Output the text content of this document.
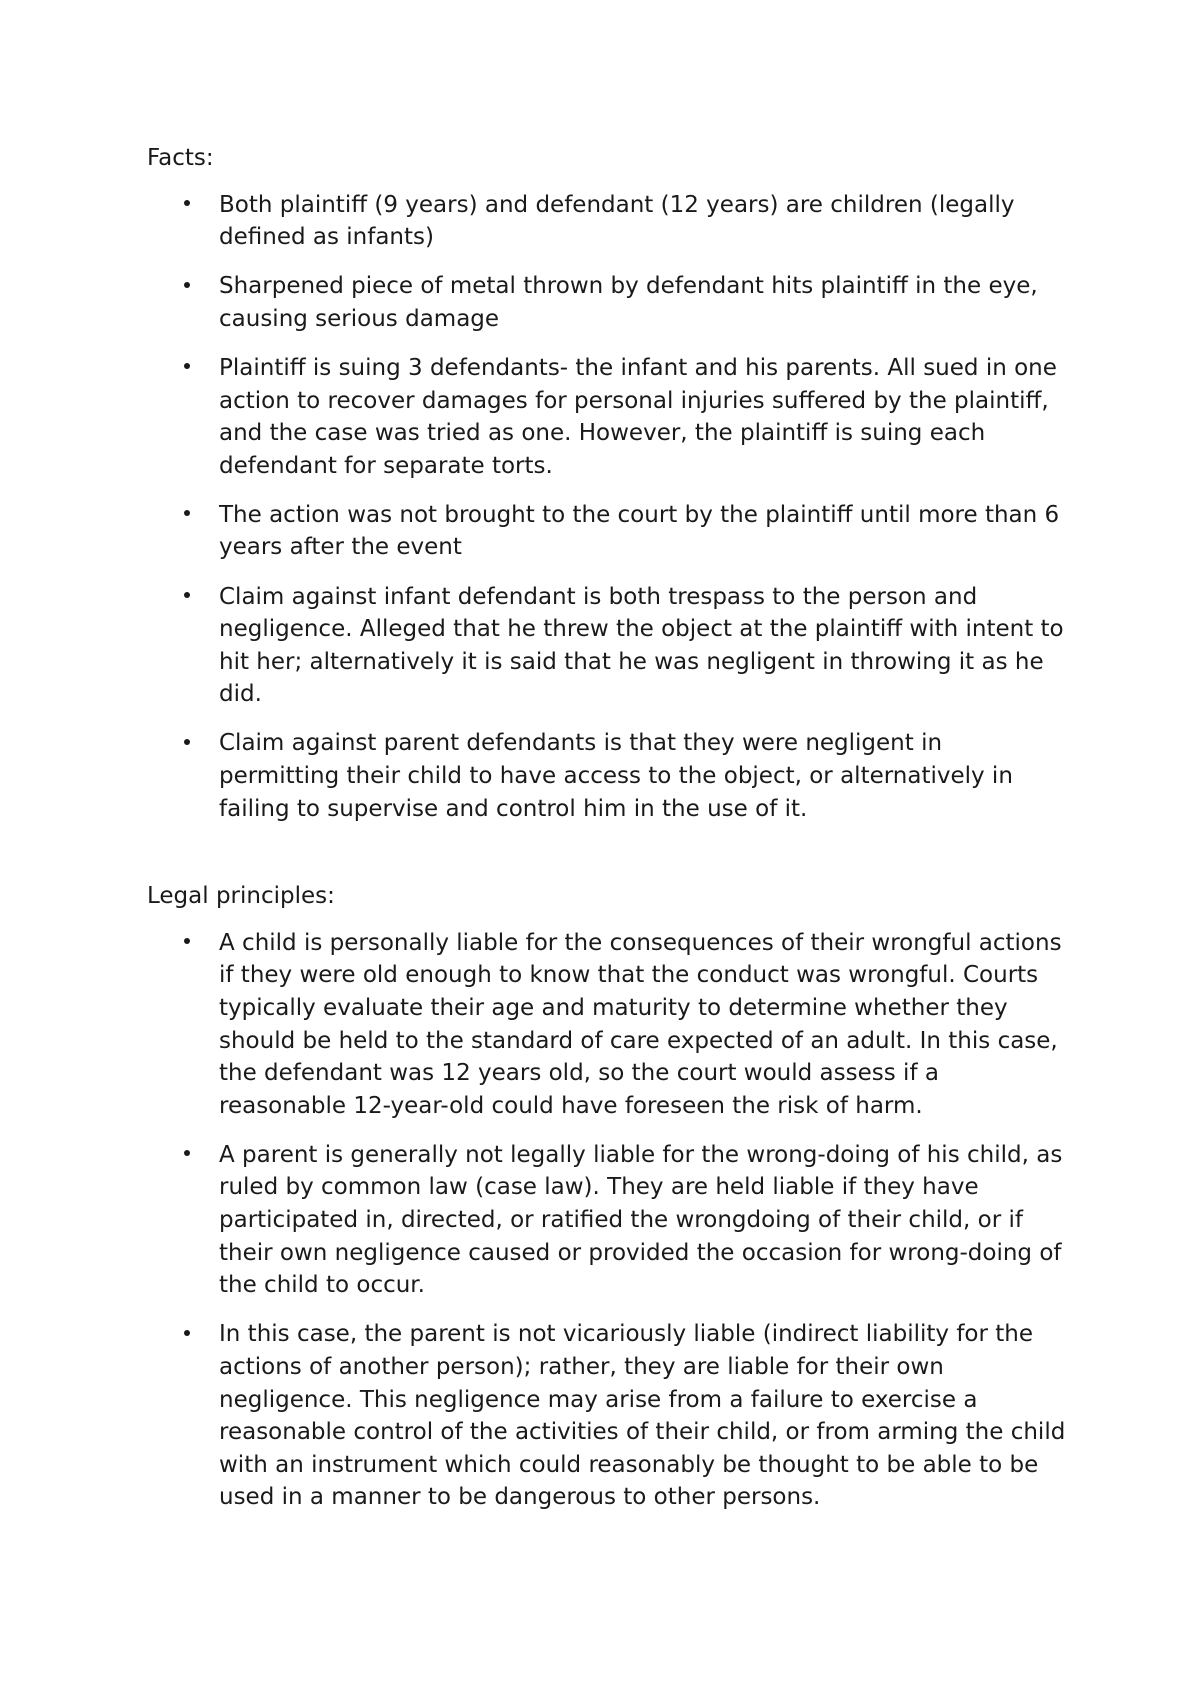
Facts:

Both plaintiff (9 years) and defendant (12 years) are children (legally defined as infants)
Sharpened piece of metal thrown by defendant hits plaintiff in the eye, causing serious damage
Plaintiff is suing 3 defendants- the infant and his parents. All sued in one action to recover damages for personal injuries suffered by the plaintiff, and the case was tried as one. However, the plaintiff is suing each defendant for separate torts.
The action was not brought to the court by the plaintiff until more than 6 years after the event
Claim against infant defendant is both trespass to the person and negligence. Alleged that he threw the object at the plaintiff with intent to hit her; alternatively it is said that he was negligent in throwing it as he did.
Claim against parent defendants is that they were negligent in permitting their child to have access to the object, or alternatively in failing to supervise and control him in the use of it.

Legal principles:

A child is personally liable for the consequences of their wrongful actions if they were old enough to know that the conduct was wrongful. Courts typically evaluate their age and maturity to determine whether they should be held to the standard of care expected of an adult. In this case, the defendant was 12 years old, so the court would assess if a reasonable 12-year-old could have foreseen the risk of harm.
A parent is generally not legally liable for the wrong-doing of his child, as ruled by common law (case law). They are held liable if they have participated in, directed, or ratified the wrongdoing of their child, or if their own negligence caused or provided the occasion for wrong-doing of the child to occur.
In this case, the parent is not vicariously liable (indirect liability for the actions of another person); rather, they are liable for their own negligence. This negligence may arise from a failure to exercise a reasonable control of the activities of their child, or from arming the child with an instrument which could reasonably be thought to be able to be used in a manner to be dangerous to other persons.
